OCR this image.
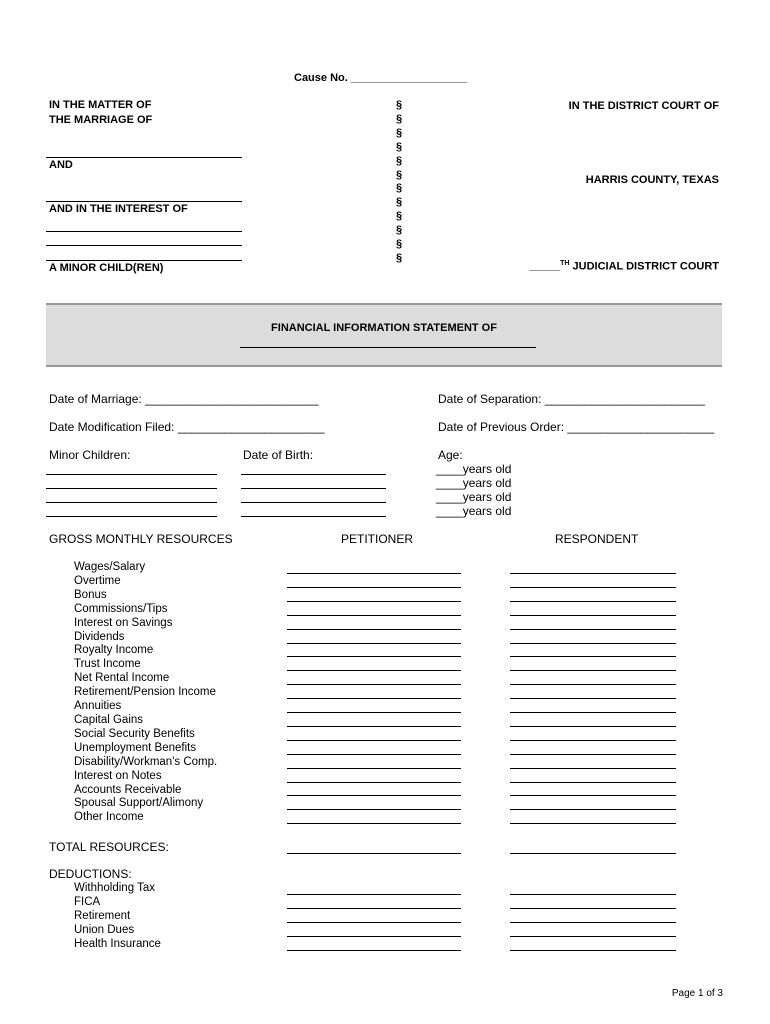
Cause No. ___________________
IN THE MATTER OF
THE MARRIAGE OF
AND
AND IN THE INTEREST OF
A MINOR CHILD(REN)
§
§
§
§
§
§
§
§
§
§
§
§
IN THE DISTRICT COURT OF
HARRIS COUNTY, TEXAS
_____$^{TH}$ JUDICIAL DISTRICT COURT
FINANCIAL INFORMATION STATEMENT OF
Date of Marriage: __________________________	Date of Separation: ________________________
Date Modification Filed: ______________________	Date of Previous Order: ______________________
Minor Children:	Date of Birth:	Age:
____years old
____years old
____years old
____years old
GROSS MONTHLY RESOURCES	PETITIONER	RESPONDENT
Wages/Salary
Overtime
Bonus
Commissions/Tips
Interest on Savings
Dividends
Royalty Income
Trust Income
Net Rental Income
Retirement/Pension Income
Annuities
Capital Gains
Social Security Benefits
Unemployment Benefits
Disability/Workman's Comp.
Interest on Notes
Accounts Receivable
Spousal Support/Alimony
Other Income
TOTAL RESOURCES:
DEDUCTIONS:
Withholding Tax
FICA
Retirement
Union Dues
Health Insurance
Page 1 of 3
